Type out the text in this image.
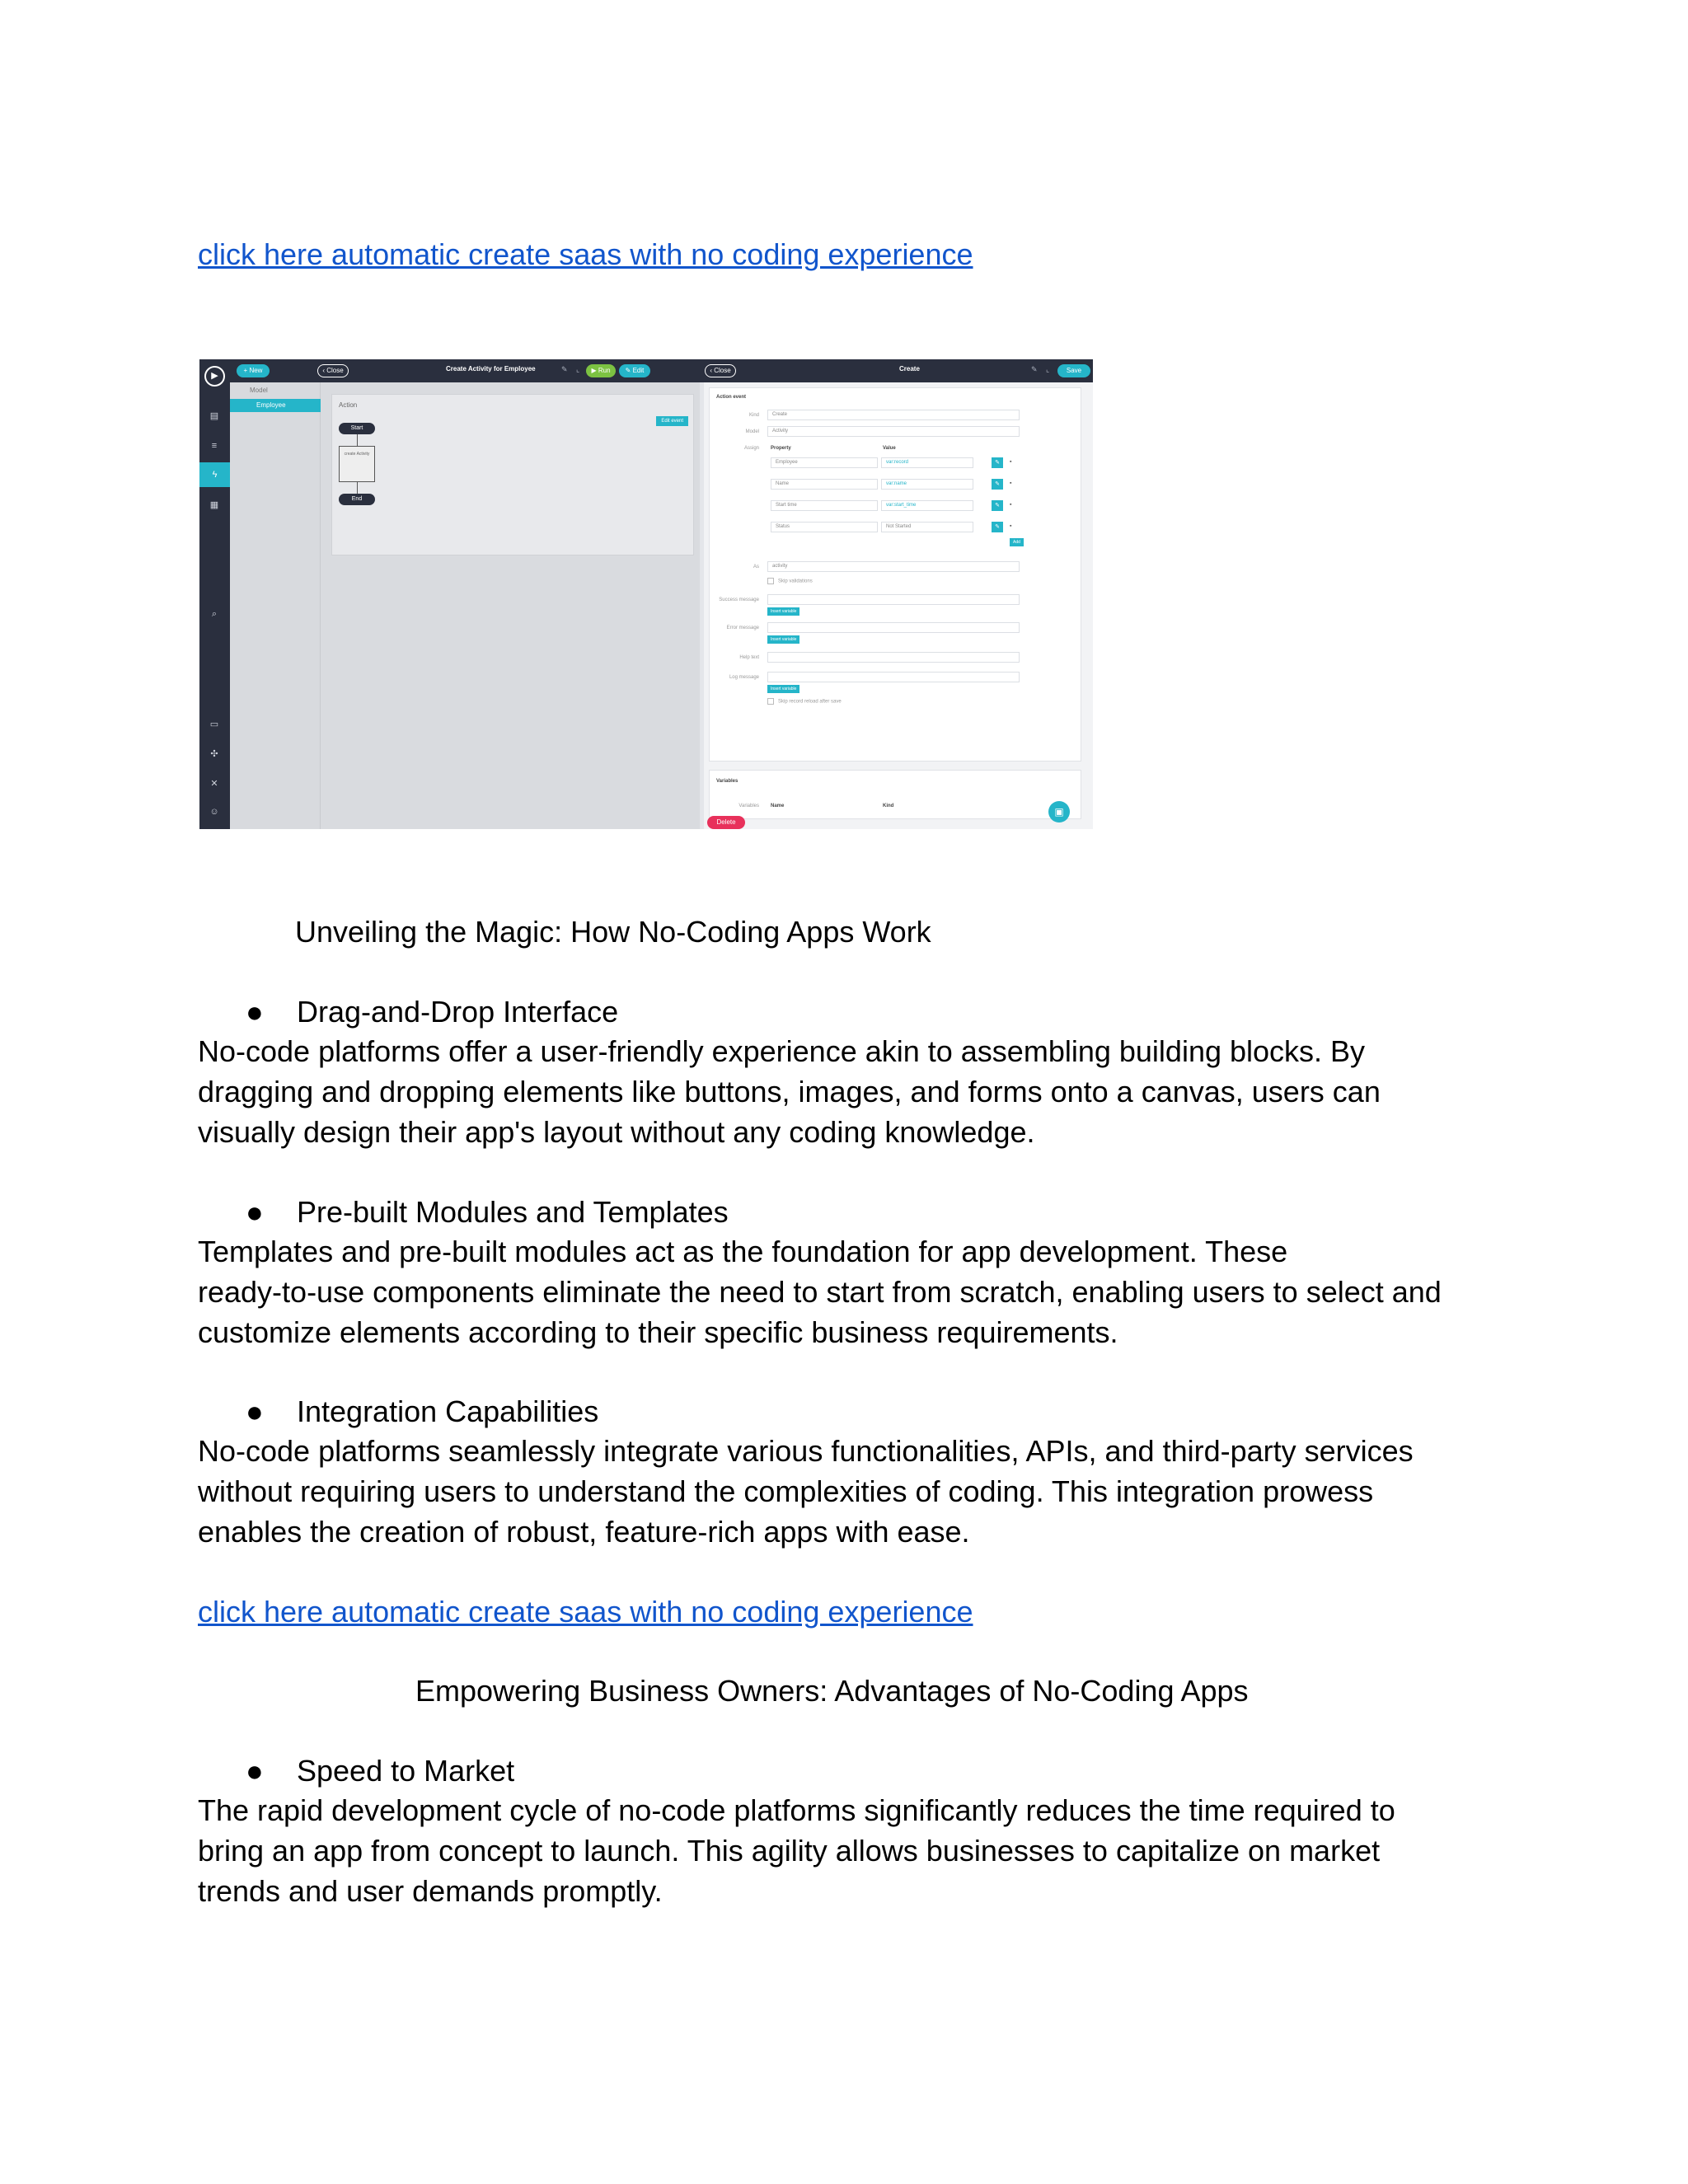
click here automatic create saas with no coding experience
▶
▤
≡
ϟ
▦
⌕
▭
✣
✕
☺
+ New	‹ Close	Create Activity for Employee	✎ ⌞	▶ Run	✎ Edit	‹ Close	Create	✎ ⌞	Save
Model
Employee	Action
Edit event
Start
create Activity
End
Action event
Kind	Create
Model	Activity
Assign Property	Value
Employee	var:record	✎	▪
Name	var:name	✎	▪
Start time	var:start_time	✎	▪
Status	Not Started	✎	▪
Add
As	activity
Skip validations
Success message
Insert variable
Error message
Insert variable
Help text
Log message
Insert variable
Skip record reload after save
Variables
Variables Name	Kind
Delete
▣
Unveiling the Magic: How No-Coding Apps Work
● Drag-and-Drop Interface
No-code platforms offer a user-friendly experience akin to assembling building blocks. By
dragging and dropping elements like buttons, images, and forms onto a canvas, users can
visually design their app's layout without any coding knowledge.
● Pre-built Modules and Templates
Templates and pre-built modules act as the foundation for app development. These
ready-to-use components eliminate the need to start from scratch, enabling users to select and
customize elements according to their specific business requirements.
● Integration Capabilities
No-code platforms seamlessly integrate various functionalities, APIs, and third-party services
without requiring users to understand the complexities of coding. This integration prowess
enables the creation of robust, feature-rich apps with ease.
click here automatic create saas with no coding experience
Empowering Business Owners: Advantages of No-Coding Apps
● Speed to Market
The rapid development cycle of no-code platforms significantly reduces the time required to
bring an app from concept to launch. This agility allows businesses to capitalize on market
trends and user demands promptly.
